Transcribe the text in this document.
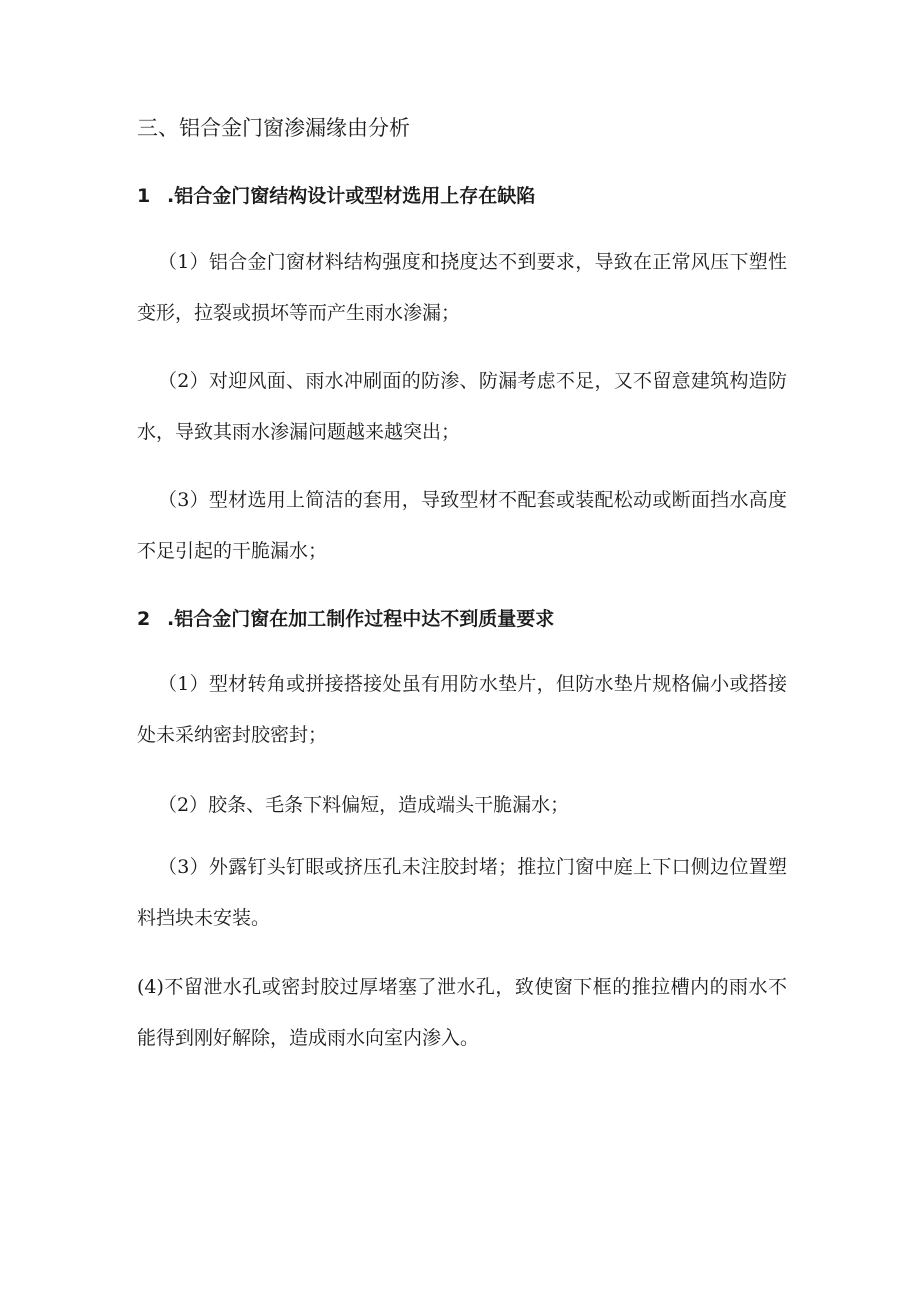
三、铝合金门窗渗漏缘由分析
1 .铝合金门窗结构设计或型材选用上存在缺陷

（1）铝合金门窗材料结构强度和挠度达不到要求，导致在正常风压下塑性变形，拉裂或损坏等而产生雨水渗漏；

（2）对迎风面、雨水冲刷面的防渗、防漏考虑不足，又不留意建筑构造防水，导致其雨水渗漏问题越来越突出；

（3）型材选用上简洁的套用，导致型材不配套或装配松动或断面挡水高度不足引起的干脆漏水；

2 .铝合金门窗在加工制作过程中达不到质量要求

（1）型材转角或拼接搭接处虽有用防水垫片，但防水垫片规格偏小或搭接处未采纳密封胶密封；

（2）胶条、毛条下料偏短，造成端头干脆漏水；

（3）外露钉头钉眼或挤压孔未注胶封堵；推拉门窗中庭上下口侧边位置塑料挡块未安装。

(4)不留泄水孔或密封胶过厚堵塞了泄水孔，致使窗下框的推拉槽内的雨水不能得到刚好解除，造成雨水向室内渗入。
